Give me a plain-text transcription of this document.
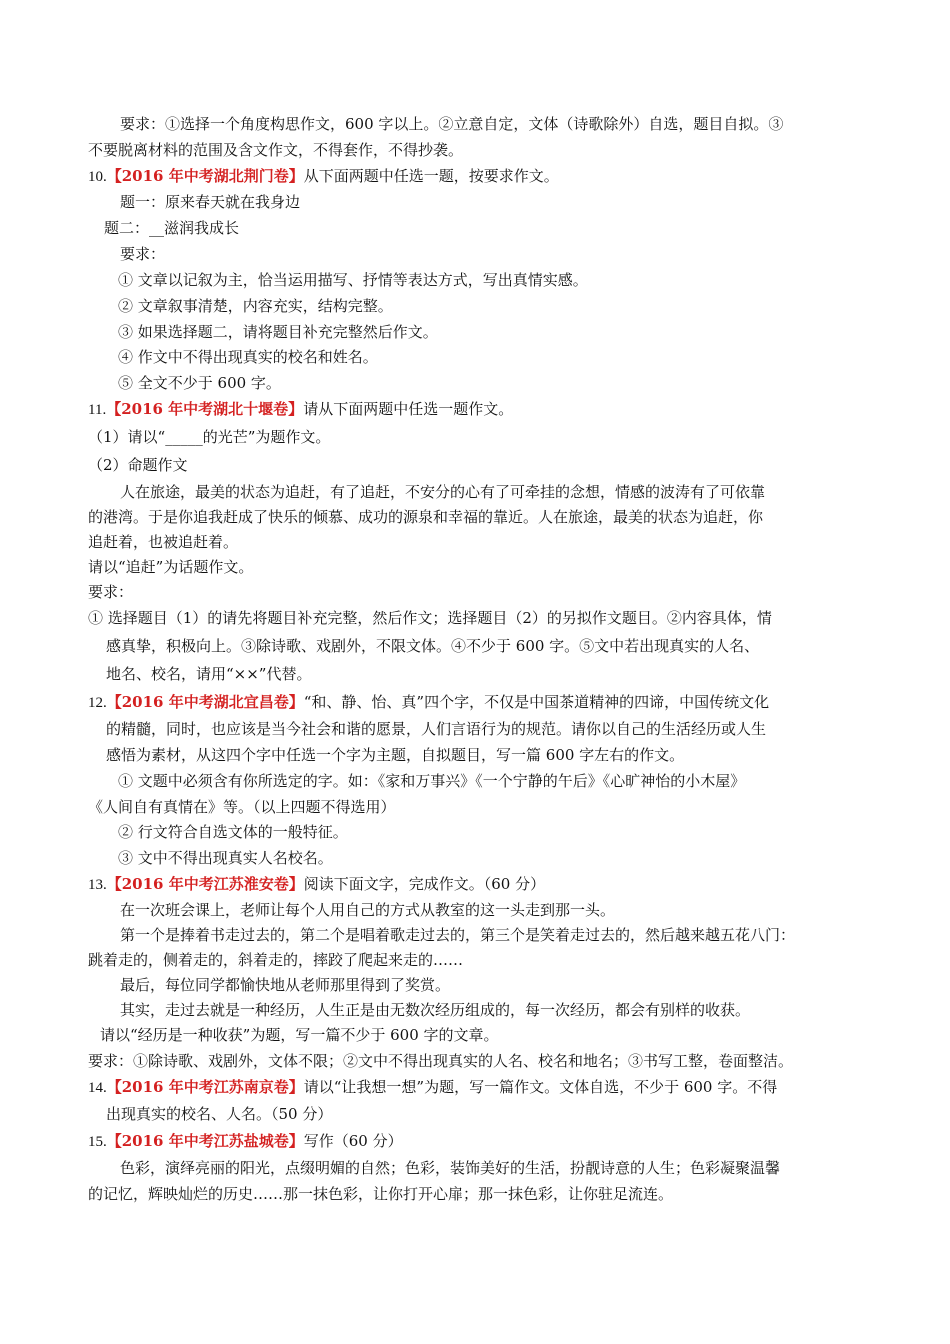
要求：①选择一个角度构思作文，600 字以上。②立意自定，文体（诗歌除外）自选，题目自拟。③
不要脱离材料的范围及含文作文，不得套作，不得抄袭。
10.【2016 年中考湖北荆门卷】从下面两题中任选一题，按要求作文。
题一：原来春天就在我身边
题二：__滋润我成长
要求：
① 文章以记叙为主，恰当运用描写、抒情等表达方式，写出真情实感。
② 文章叙事清楚，内容充实，结构完整。
③ 如果选择题二，请将题目补充完整然后作文。
④ 作文中不得出现真实的校名和姓名。
⑤ 全文不少于 600 字。
11.【2016 年中考湖北十堰卷】请从下面两题中任选一题作文。
（1）请以“_____的光芒”为题作文。
（2）命题作文
人在旅途，最美的状态为追赶，有了追赶，不安分的心有了可牵挂的念想，情感的波涛有了可依靠
的港湾。于是你追我赶成了快乐的倾慕、成功的源泉和幸福的靠近。人在旅途，最美的状态为追赶，你
追赶着，也被追赶着。
请以“追赶”为话题作文。
要求：
① 选择题目（1）的请先将题目补充完整，然后作文；选择题目（2）的另拟作文题目。②内容具体，情
感真挚，积极向上。③除诗歌、戏剧外，不限文体。④不少于 600 字。⑤文中若出现真实的人名、
地名、校名，请用“××”代替。
12.【2016 年中考湖北宜昌卷】“和、静、怡、真”四个字，不仅是中国茶道精神的四谛，中国传统文化
的精髓，同时，也应该是当今社会和谐的愿景，人们言语行为的规范。请你以自己的生活经历或人生
感悟为素材，从这四个字中任选一个字为主题，自拟题目，写一篇 600 字左右的作文。
① 文题中必须含有你所选定的字。如：《家和万事兴》《一个宁静的午后》《心旷神怡的小木屋》
《人间自有真情在》等。（以上四题不得选用）
② 行文符合自选文体的一般特征。
③ 文中不得出现真实人名校名。
13.【2016 年中考江苏淮安卷】阅读下面文字，完成作文。（60 分）
在一次班会课上，老师让每个人用自己的方式从教室的这一头走到那一头。
第一个是捧着书走过去的，第二个是唱着歌走过去的，第三个是笑着走过去的，然后越来越五花八门：
跳着走的，侧着走的，斜着走的，摔跤了爬起来走的……
最后，每位同学都愉快地从老师那里得到了奖赏。
其实，走过去就是一种经历，人生正是由无数次经历组成的，每一次经历，都会有别样的收获。
请以“经历是一种收获”为题，写一篇不少于 600 字的文章。
要求：①除诗歌、戏剧外，文体不限；②文中不得出现真实的人名、校名和地名；③书写工整，卷面整洁。
14.【2016 年中考江苏南京卷】请以“让我想一想”为题，写一篇作文。文体自选，不少于 600 字。不得
出现真实的校名、人名。（50 分）
15.【2016 年中考江苏盐城卷】写作（60 分）
色彩，演绎亮丽的阳光，点缀明媚的自然；色彩，装饰美好的生活，扮靓诗意的人生；色彩凝聚温馨
的记忆，辉映灿烂的历史……那一抹色彩，让你打开心扉；那一抹色彩，让你驻足流连。
